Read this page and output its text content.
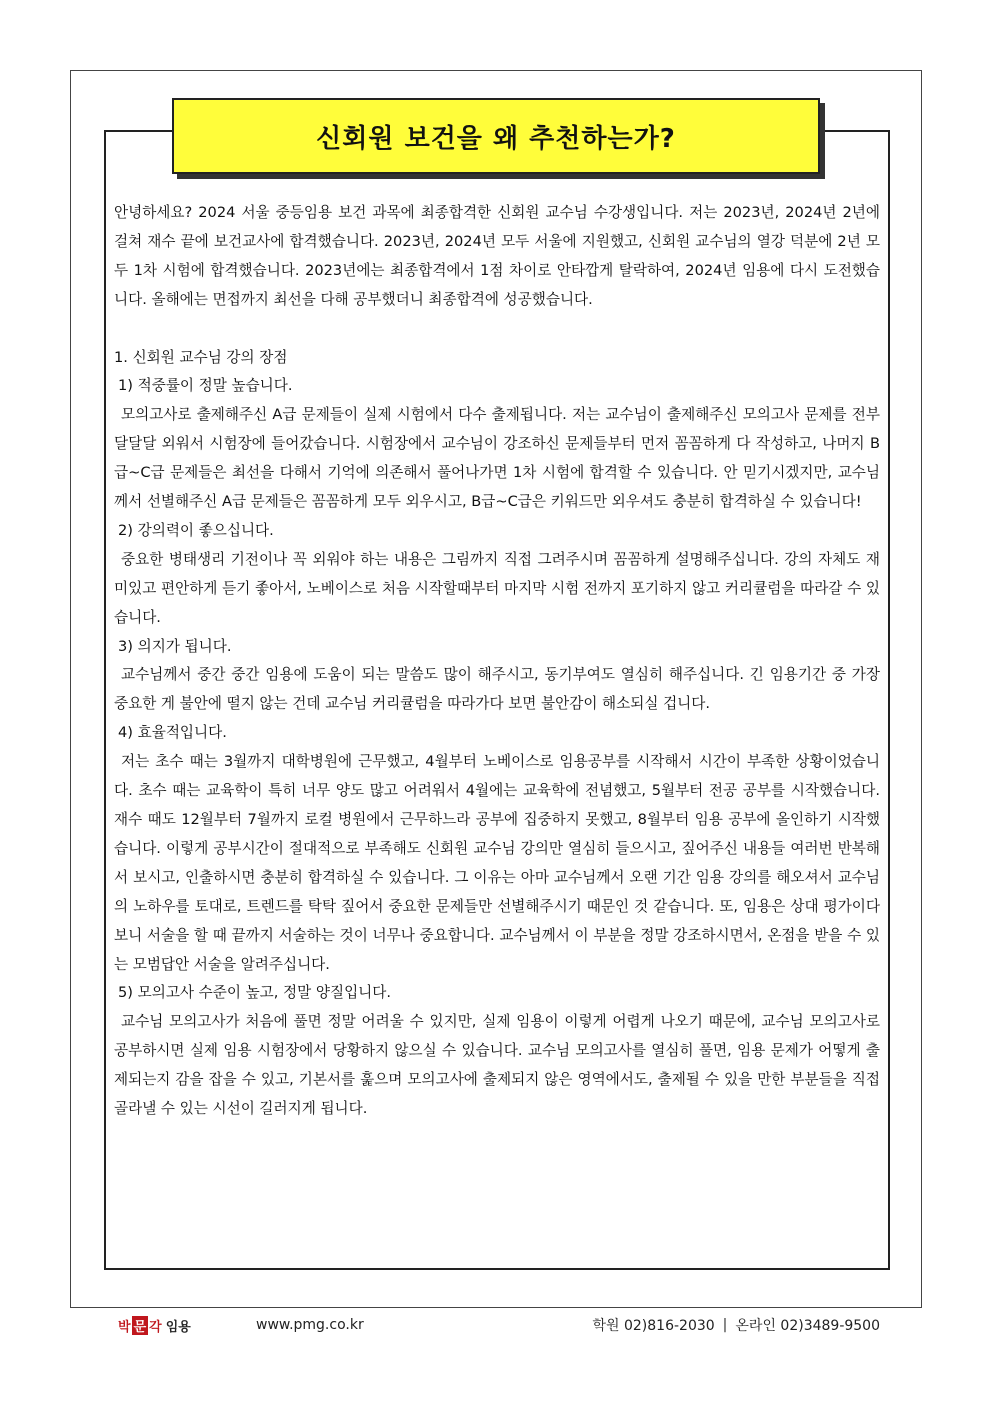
신회원 보건을 왜 추천하는가?

안녕하세요? 2024 서울 중등임용 보건 과목에 최종합격한 신회원 교수님 수강생입니다. 저는 2023년, 2024년 2년에 걸쳐 재수 끝에 보건교사에 합격했습니다. 2023년, 2024년 모두 서울에 지원했고, 신회원 교수님의 열강 덕분에 2년 모두 1차 시험에 합격했습니다. 2023년에는 최종합격에서 1점 차이로 안타깝게 탈락하여, 2024년 임용에 다시 도전했습니다. 올해에는 면접까지 최선을 다해 공부했더니 최종합격에 성공했습니다.

1. 신회원 교수님 강의 장점

1) 적중률이 정말 높습니다.

모의고사로 출제해주신 A급 문제들이 실제 시험에서 다수 출제됩니다. 저는 교수님이 출제해주신 모의고사 문제를 전부 달달달 외워서 시험장에 들어갔습니다. 시험장에서 교수님이 강조하신 문제들부터 먼저 꼼꼼하게 다 작성하고, 나머지 B급~C급 문제들은 최선을 다해서 기억에 의존해서 풀어나가면 1차 시험에 합격할 수 있습니다. 안 믿기시겠지만, 교수님께서 선별해주신 A급 문제들은 꼼꼼하게 모두 외우시고, B급~C급은 키워드만 외우셔도 충분히 합격하실 수 있습니다!

2) 강의력이 좋으십니다.

중요한 병태생리 기전이나 꼭 외워야 하는 내용은 그림까지 직접 그려주시며 꼼꼼하게 설명해주십니다. 강의 자체도 재미있고 편안하게 듣기 좋아서, 노베이스로 처음 시작할때부터 마지막 시험 전까지 포기하지 않고 커리큘럼을 따라갈 수 있습니다.

3) 의지가 됩니다.

교수님께서 중간 중간 임용에 도움이 되는 말씀도 많이 해주시고, 동기부여도 열심히 해주십니다. 긴 임용기간 중 가장 중요한 게 불안에 떨지 않는 건데 교수님 커리큘럼을 따라가다 보면 불안감이 해소되실 겁니다.

4) 효율적입니다.

저는 초수 때는 3월까지 대학병원에 근무했고, 4월부터 노베이스로 임용공부를 시작해서 시간이 부족한 상황이었습니다. 초수 때는 교육학이 특히 너무 양도 많고 어려워서 4월에는 교육학에 전념했고, 5월부터 전공 공부를 시작했습니다. 재수 때도 12월부터 7월까지 로컬 병원에서 근무하느라 공부에 집중하지 못했고, 8월부터 임용 공부에 올인하기 시작했습니다. 이렇게 공부시간이 절대적으로 부족해도 신회원 교수님 강의만 열심히 들으시고, 짚어주신 내용들 여러번 반복해서 보시고, 인출하시면 충분히 합격하실 수 있습니다. 그 이유는 아마 교수님께서 오랜 기간 임용 강의를 해오셔서 교수님의 노하우를 토대로, 트렌드를 탁탁 짚어서 중요한 문제들만 선별해주시기 때문인 것 같습니다. 또, 임용은 상대 평가이다보니 서술을 할 때 끝까지 서술하는 것이 너무나 중요합니다. 교수님께서 이 부분을 정말 강조하시면서, 온점을 받을 수 있는 모범답안 서술을 알려주십니다.

5) 모의고사 수준이 높고, 정말 양질입니다.

교수님 모의고사가 처음에 풀면 정말 어려울 수 있지만, 실제 임용이 이렇게 어렵게 나오기 때문에, 교수님 모의고사로 공부하시면 실제 임용 시험장에서 당황하지 않으실 수 있습니다. 교수님 모의고사를 열심히 풀면, 임용 문제가 어떻게 출제되는지 감을 잡을 수 있고, 기본서를 훑으며 모의고사에 출제되지 않은 영역에서도, 출제될 수 있을 만한 부분들을 직접 골라낼 수 있는 시선이 길러지게 됩니다.

박 문 각 임용	www.pmg.co.kr	학원 02)816-2030 | 온라인 02)3489-9500
